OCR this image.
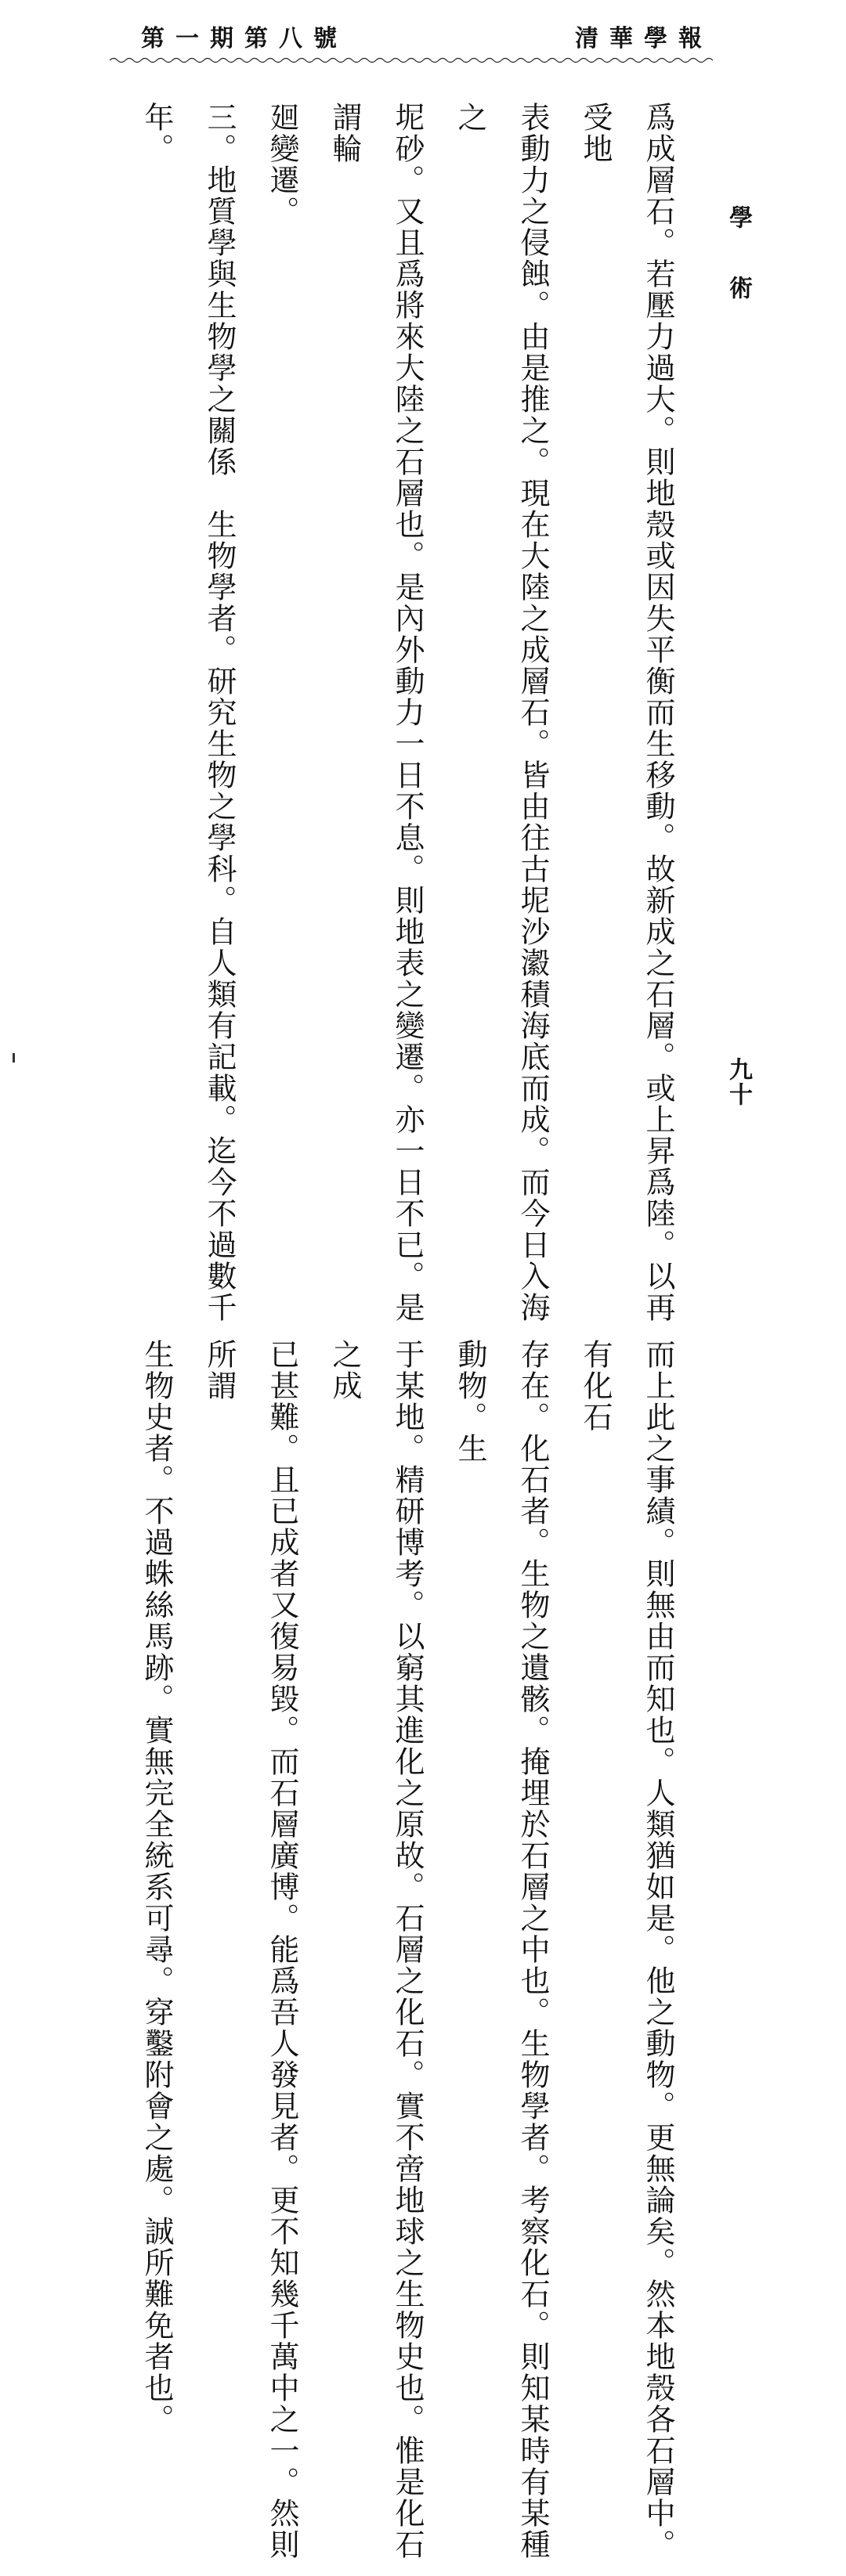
清華學報
第一期第八號
學術
九十

爲成層石。若壓力過大。則地殼或因失平衡而生移動。故新成之石層。或上昇爲陸。以再受地

表動力之侵蝕。由是推之。現在大陸之成層石。皆由往古坭沙瀫積海底而成。而今日入海之

坭砂。又且爲將來大陸之石層也。是內外動力一日不息。則地表之變遷。亦一日不已。是謂輪

廻變遷。

三。地質學與生物學之關係　生物學者。研究生物之學科。自人類有記載。迄今不過數千年。

而上此之事績。則無由而知也。人類猶如是。他之動物。更無論矣。然本地殼各石層中。有化石

存在。化石者。生物之遺骸。掩埋於石層之中也。生物學者。考察化石。則知某時有某種動物。生

于某地。精研博考。以窮其進化之原故。石層之化石。實不啻地球之生物史也。惟是化石之成

已甚難。且已成者又復易毀。而石層廣博。能爲吾人發見者。更不知幾千萬中之一。然則所謂

生物史者。不過蛛絲馬跡。實無完全統系可尋。穿鑿附會之處。誠所難免者也。
